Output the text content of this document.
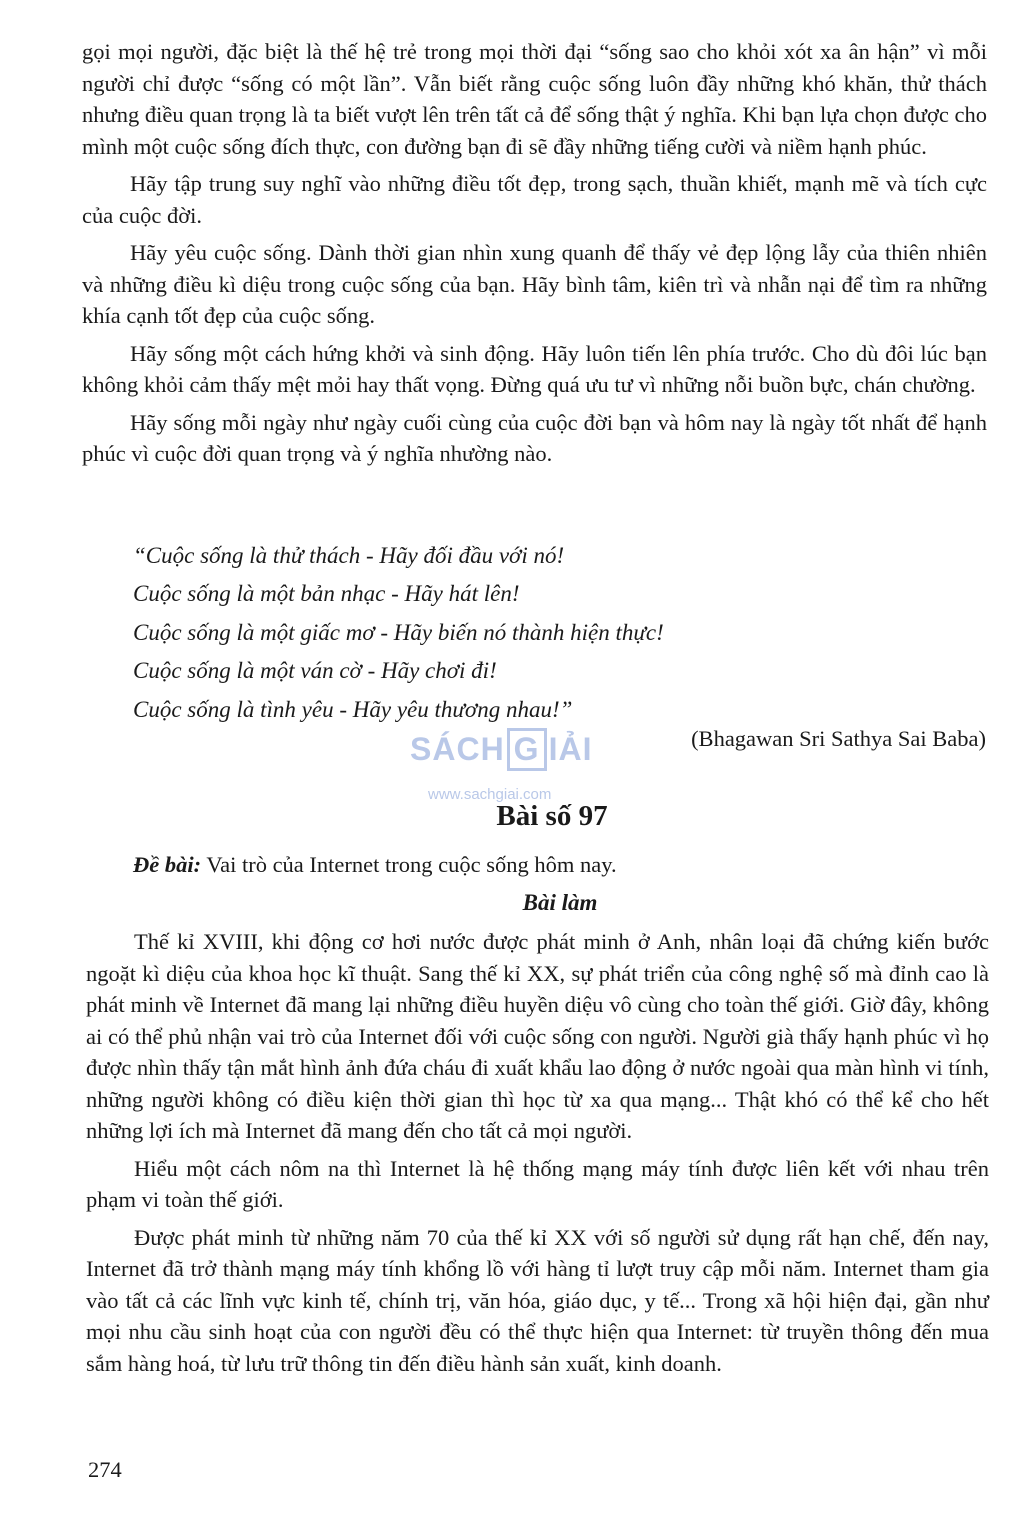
gọi mọi người, đặc biệt là thế hệ trẻ trong mọi thời đại “sống sao cho khỏi xót xa ân hận” vì mỗi người chỉ được “sống có một lần”. Vẫn biết rằng cuộc sống luôn đầy những khó khăn, thử thách nhưng điều quan trọng là ta biết vượt lên trên tất cả để sống thật ý nghĩa. Khi bạn lựa chọn được cho mình một cuộc sống đích thực, con đường bạn đi sẽ đầy những tiếng cười và niềm hạnh phúc.

Hãy tập trung suy nghĩ vào những điều tốt đẹp, trong sạch, thuần khiết, mạnh mẽ và tích cực của cuộc đời.

Hãy yêu cuộc sống. Dành thời gian nhìn xung quanh để thấy vẻ đẹp lộng lẫy của thiên nhiên và những điều kì diệu trong cuộc sống của bạn. Hãy bình tâm, kiên trì và nhẫn nại để tìm ra những khía cạnh tốt đẹp của cuộc sống.

Hãy sống một cách hứng khởi và sinh động. Hãy luôn tiến lên phía trước. Cho dù đôi lúc bạn không khỏi cảm thấy mệt mỏi hay thất vọng. Đừng quá ưu tư vì những nỗi buồn bực, chán chường.

Hãy sống mỗi ngày như ngày cuối cùng của cuộc đời bạn và hôm nay là ngày tốt nhất để hạnh phúc vì cuộc đời quan trọng và ý nghĩa nhường nào.

“Cuộc sống là thử thách - Hãy đối đầu với nó!
Cuộc sống là một bản nhạc - Hãy hát lên!
Cuộc sống là một giấc mơ - Hãy biến nó thành hiện thực!
Cuộc sống là một ván cờ - Hãy chơi đi!
Cuộc sống là tình yêu - Hãy yêu thương nhau!”
(Bhagawan Sri Sathya Sai Baba)
SÁCH G IẢI
www.sachgiai.com
Bài số 97
Đề bài: Vai trò của Internet trong cuộc sống hôm nay.
Bài làm

Thế kỉ XVIII, khi động cơ hơi nước được phát minh ở Anh, nhân loại đã chứng kiến bước ngoặt kì diệu của khoa học kĩ thuật. Sang thế kỉ XX, sự phát triển của công nghệ số mà đỉnh cao là phát minh về Internet đã mang lại những điều huyền diệu vô cùng cho toàn thế giới. Giờ đây, không ai có thể phủ nhận vai trò của Internet đối với cuộc sống con người. Người già thấy hạnh phúc vì họ được nhìn thấy tận mắt hình ảnh đứa cháu đi xuất khẩu lao động ở nước ngoài qua màn hình vi tính, những người không có điều kiện thời gian thì học từ xa qua mạng... Thật khó có thể kể cho hết những lợi ích mà Internet đã mang đến cho tất cả mọi người.

Hiểu một cách nôm na thì Internet là hệ thống mạng máy tính được liên kết với nhau trên phạm vi toàn thế giới.

Được phát minh từ những năm 70 của thế kỉ XX với số người sử dụng rất hạn chế, đến nay, Internet đã trở thành mạng máy tính khổng lồ với hàng tỉ lượt truy cập mỗi năm. Internet tham gia vào tất cả các lĩnh vực kinh tế, chính trị, văn hóa, giáo dục, y tế... Trong xã hội hiện đại, gần như mọi nhu cầu sinh hoạt của con người đều có thể thực hiện qua Internet: từ truyền thông đến mua sắm hàng hoá, từ lưu trữ thông tin đến điều hành sản xuất, kinh doanh.

274
